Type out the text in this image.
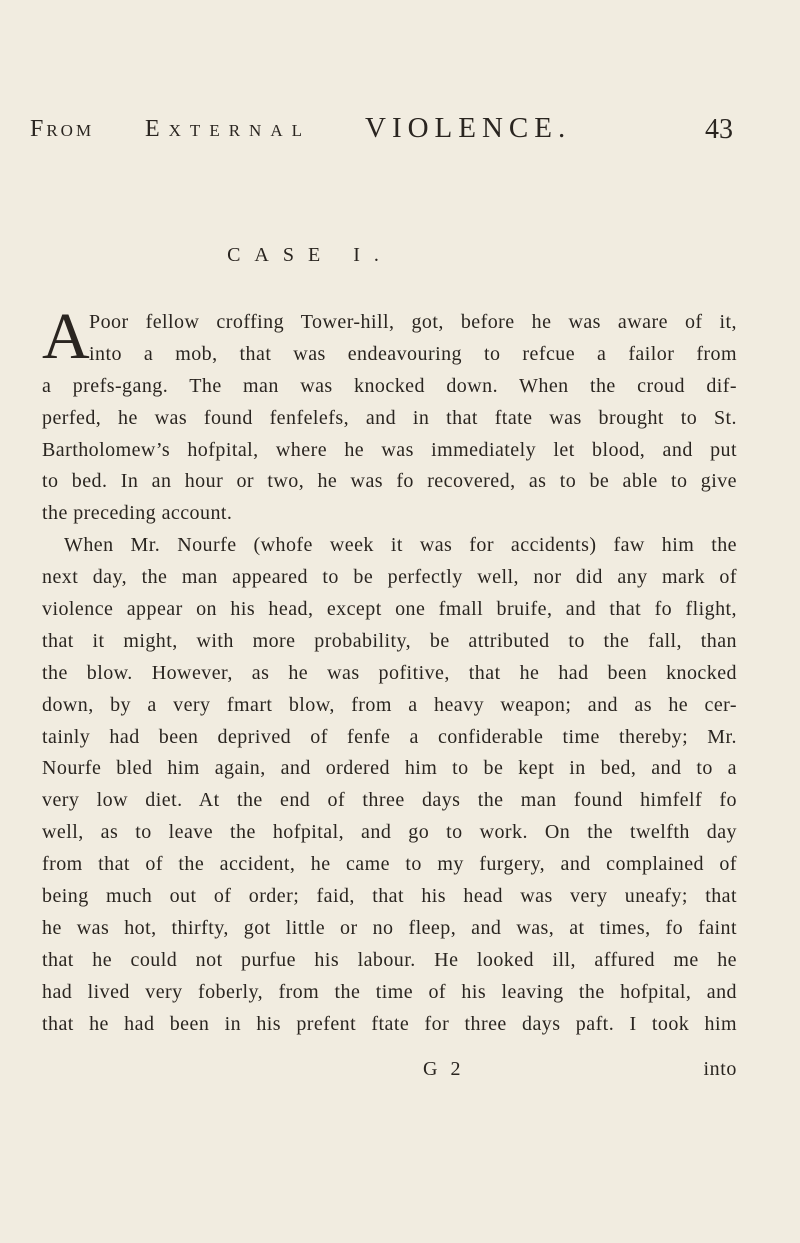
From External VIOLENCE.	43
CASE I.
A
Poor fellow croffing Tower-hill, got, before he was aware of it,
into a mob, that was endeavouring to refcue a failor from
a prefs-gang. The man was knocked down. When the croud dif-
perfed, he was found fenfelefs, and in that ftate was brought to St.
Bartholomew’s hofpital, where he was immediately let blood, and put
to bed. In an hour or two, he was fo recovered, as to be able to give
the preceding account.
When Mr. Nourfe (whofe week it was for accidents) faw him the
next day, the man appeared to be perfectly well, nor did any mark of
violence appear on his head, except one fmall bruife, and that fo flight,
that it might, with more probability, be attributed to the fall, than
the blow. However, as he was pofitive, that he had been knocked
down, by a very fmart blow, from a heavy weapon; and as he cer-
tainly had been deprived of fenfe a confiderable time thereby; Mr.
Nourfe bled him again, and ordered him to be kept in bed, and to a
very low diet. At the end of three days the man found himfelf fo
well, as to leave the hofpital, and go to work. On the twelfth day
from that of the accident, he came to my furgery, and complained of
being much out of order; faid, that his head was very uneafy; that
he was hot, thirfty, got little or no fleep, and was, at times, fo faint
that he could not purfue his labour. He looked ill, affured me he
had lived very foberly, from the time of his leaving the hofpital, and
that he had been in his prefent ftate for three days paft. I took him
G 2	into
